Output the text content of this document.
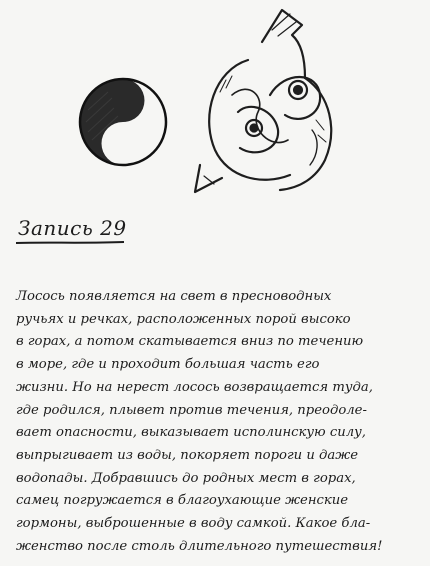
Запись 29
Лосось появляется на свет в пресноводных
ручьях и речках, расположенных порой высоко
в горах, а потом скатывается вниз по течению
в море, где и проходит большая часть его
жизни. Но на нерест лосось возвращается туда,
где родился, плывет против течения, преодоле-
вает опасности, выказывает исполинскую силу,
выпрыгивает из воды, покоряет пороги и даже
водопады. Добравшись до родных мест в горах,
самец погружается в благоухающие женские
гормоны, выброшенные в воду самкой. Какое бла-
женство после столь длительного путешествия!
